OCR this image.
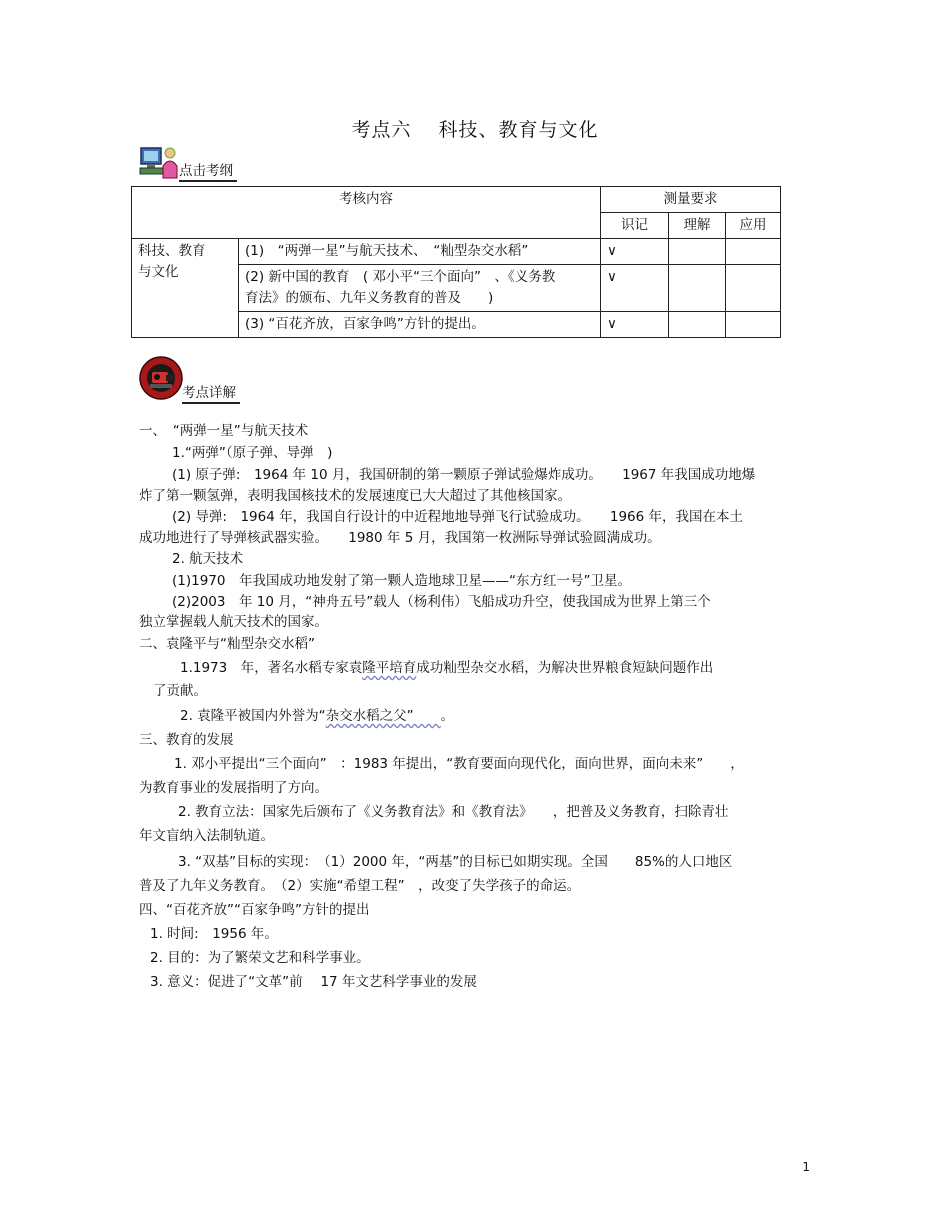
考点六　 科技、教育与文化
点击考纲
考核内容		测量要求		
		识记	理解	应用

科技、教育
与文化	(1)　“两弹一星”与航天技术、　“籼型杂交水稻”	∨		

	(2) 新中国的教育　( 邓小平“三个面向”　、《义务教
育法》的颁布、九年义务教育的普及　　)	∨		
	(3) “百花齐放，百家争鸣”方针的提出。	∨		
考点详解
一、　“两弹一星”与航天技术
1.“两弹”（原子弹、导弹　)
(1) 原子弹:　1964 年 10 月，我国研制的第一颗原子弹试验爆炸成功。　　1967 年我国成功地爆
炸了第一颗氢弹，表明我国核技术的发展速度已大大超过了其他核国家。
(2) 导弹:　1964 年，我国自行设计的中近程地地导弹飞行试验成功。　　1966 年，我国在本土
成功地进行了导弹核武器实验。　　1980 年 5 月，我国第一枚洲际导弹试验圆满成功。
2. 航天技术
(1)1970　年我国成功地发射了第一颗人造地球卫星——“东方红一号”卫星。
(2)2003　年 10 月，“神舟五号”载人（杨利伟）飞船成功升空，使我国成为世界上第三个
独立掌握载人航天技术的国家。
二、袁隆平与“籼型杂交水稻”
1.1973　年，著名水稻专家袁隆平培育成功籼型杂交水稻，为解决世界粮食短缺问题作出
了贡献。
2. 袁隆平被国内外誉为“杂交水稻之父”　　。
三、教育的发展
1. 邓小平提出“三个面向”　：1983 年提出，“教育要面向现代化，面向世界，面向未来”　　，
为教育事业的发展指明了方向。
2. 教育立法：国家先后颁布了《义务教育法》和《教育法》　　，把普及义务教育，扫除青壮
年文盲纳入法制轨道。
3. “双基”目标的实现：　（1）2000 年，“两基”的目标已如期实现。全国　　85%的人口地区
普及了九年义务教育。　（2）实施“希望工程”　，改变了失学孩子的命运。
四、“百花齐放”“百家争鸣”方针的提出
1. 时间:　1956 年。
2. 目的：为了繁荣文艺和科学事业。
3. 意义：促进了“文革”前　 17 年文艺科学事业的发展
1
